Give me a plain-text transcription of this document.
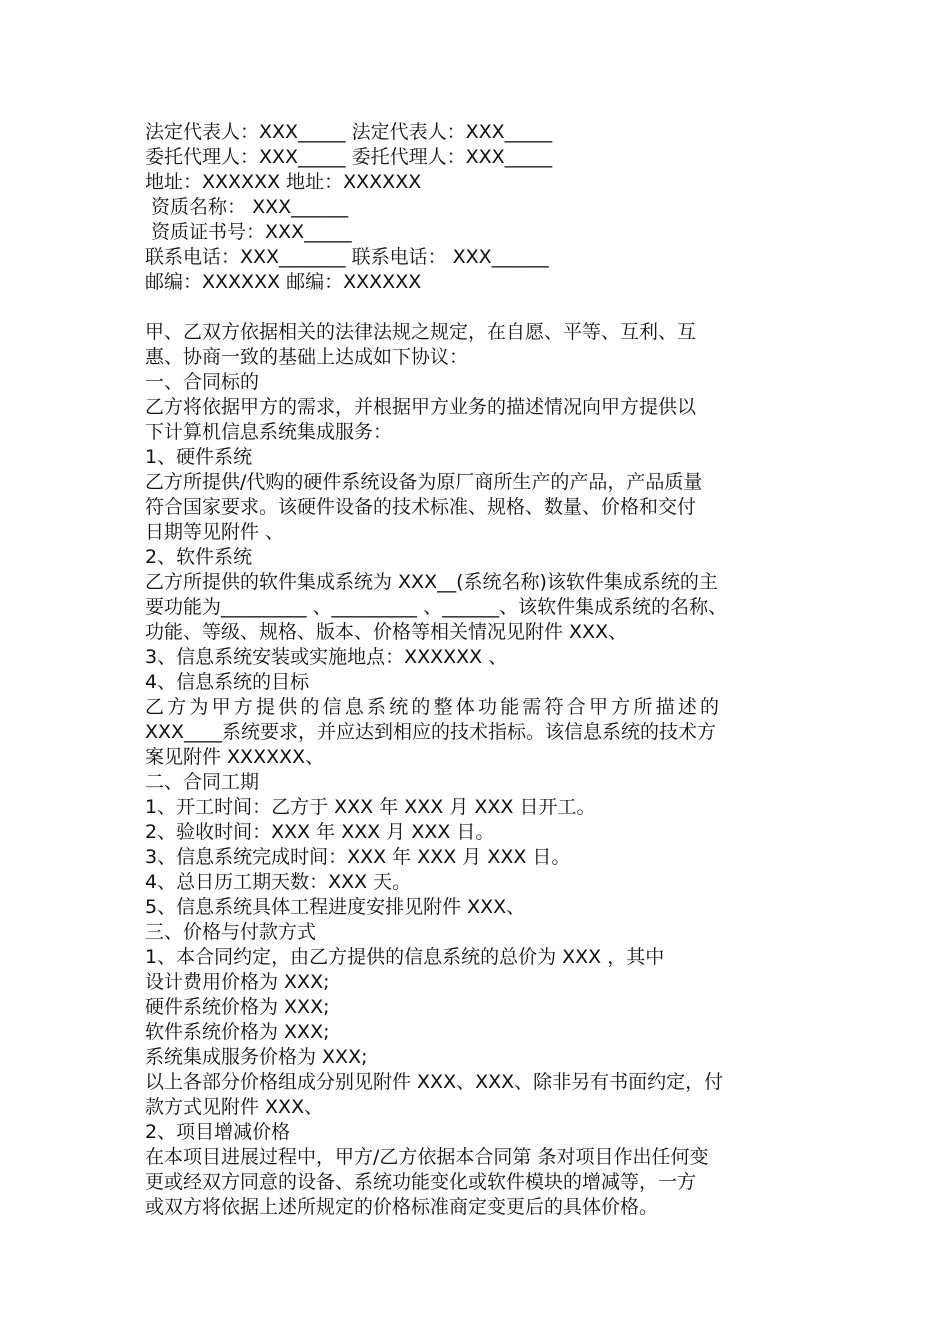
法定代表人：XXX_____ 法定代表人：XXX_____
委托代理人：XXX_____ 委托代理人：XXX_____
地址：XXXXXX 地址：XXXXXX
资质名称： XXX______
资质证书号：XXX_____
联系电话：XXX_______ 联系电话： XXX______
邮编：XXXXXX 邮编：XXXXXX
甲、乙双方依据相关的法律法规之规定，在自愿、平等、互利、互
惠、协商一致的基础上达成如下协议：
一、合同标的
乙方将依据甲方的需求，并根据甲方业务的描述情况向甲方提供以
下计算机信息系统集成服务：
1、硬件系统
乙方所提供/代购的硬件系统设备为原厂商所生产的产品，产品质量
符合国家要求。该硬件设备的技术标准、规格、数量、价格和交付
日期等见附件 、
2、软件系统
乙方所提供的软件集成系统为 XXX__(系统名称)该软件集成系统的主
要功能为_________ 、_________ 、______、该软件集成系统的名称、
功能、等级、规格、版本、价格等相关情况见附件 XXX、
3、信息系统安装或实施地点：XXXXXX 、
4、信息系统的目标
乙方为甲方提供的信息系统的整体功能需符合甲方所描述的
XXX____系统要求，并应达到相应的技术指标。该信息系统的技术方
案见附件 XXXXXX、
二、合同工期
1、开工时间：乙方于 XXX 年 XXX 月 XXX 日开工。
2、验收时间：XXX 年 XXX 月 XXX 日。
3、信息系统完成时间：XXX 年 XXX 月 XXX 日。
4、总日历工期天数：XXX 天。
5、信息系统具体工程进度安排见附件 XXX、
三、价格与付款方式
1、本合同约定，由乙方提供的信息系统的总价为 XXX ，其中
设计费用价格为 XXX;
硬件系统价格为 XXX;
软件系统价格为 XXX;
系统集成服务价格为 XXX;
以上各部分价格组成分别见附件 XXX、XXX、除非另有书面约定，付
款方式见附件 XXX、
2、项目增减价格
在本项目进展过程中，甲方/乙方依据本合同第 条对项目作出任何变
更或经双方同意的设备、系统功能变化或软件模块的增减等，一方
或双方将依据上述所规定的价格标准商定变更后的具体价格。
